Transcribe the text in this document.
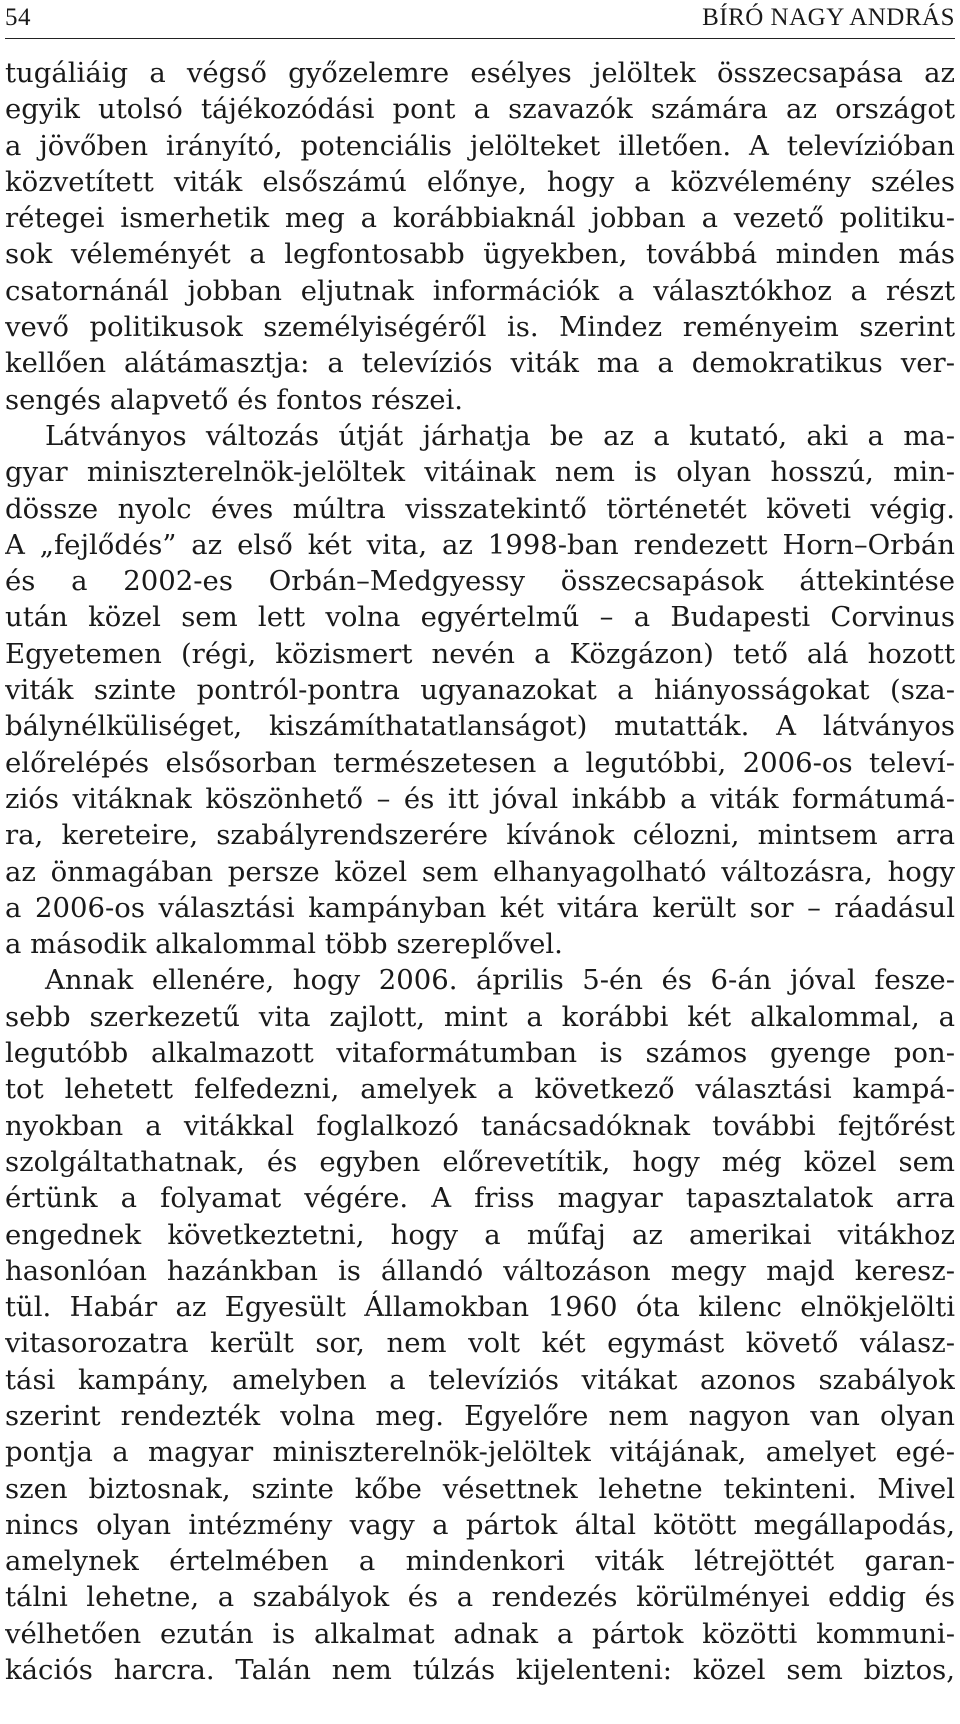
54	BÍRÓ NAGY ANDRÁS
tugáliáig a végső győzelemre esélyes jelöltek összecsapása az
egyik utolsó tájékozódási pont a szavazók számára az országot
a jövőben irányító, potenciális jelölteket illetően. A televízióban
közvetített viták elsőszámú előnye, hogy a közvélemény széles
rétegei ismerhetik meg a korábbiaknál jobban a vezető politiku-
sok véleményét a legfontosabb ügyekben, továbbá minden más
csatornánál jobban eljutnak információk a választókhoz a részt
vevő politikusok személyiségéről is. Mindez reményeim szerint
kellően alátámasztja: a televíziós viták ma a demokratikus ver-
sengés alapvető és fontos részei.
Látványos változás útját járhatja be az a kutató, aki a ma-
gyar miniszterelnök-jelöltek vitáinak nem is olyan hosszú, min-
dössze nyolc éves múltra visszatekintő történetét követi végig.
A „fejlődés” az első két vita, az 1998-ban rendezett Horn–Orbán
és a 2002-es Orbán–Medgyessy összecsapások áttekintése
után közel sem lett volna egyértelmű – a Budapesti Corvinus
Egyetemen (régi, közismert nevén a Közgázon) tető alá hozott
viták szinte pontról-pontra ugyanazokat a hiányosságokat (sza-
bálynélküliséget, kiszámíthatatlanságot) mutatták. A látványos
előrelépés elsősorban természetesen a legutóbbi, 2006-os televí-
ziós vitáknak köszönhető – és itt jóval inkább a viták formátumá-
ra, kereteire, szabályrendszerére kívánok célozni, mintsem arra
az önmagában persze közel sem elhanyagolható változásra, hogy
a 2006-os választási kampányban két vitára került sor – ráadásul
a második alkalommal több szereplővel.
Annak ellenére, hogy 2006. április 5-én és 6-án jóval fesze-
sebb szerkezetű vita zajlott, mint a korábbi két alkalommal, a
legutóbb alkalmazott vitaformátumban is számos gyenge pon-
tot lehetett felfedezni, amelyek a következő választási kampá-
nyokban a vitákkal foglalkozó tanácsadóknak további fejtőrést
szolgáltathatnak, és egyben előrevetítik, hogy még közel sem
értünk a folyamat végére. A friss magyar tapasztalatok arra
engednek következtetni, hogy a műfaj az amerikai vitákhoz
hasonlóan hazánkban is állandó változáson megy majd keresz-
tül. Habár az Egyesült Államokban 1960 óta kilenc elnökjelölti
vitasorozatra került sor, nem volt két egymást követő válasz-
tási kampány, amelyben a televíziós vitákat azonos szabályok
szerint rendezték volna meg. Egyelőre nem nagyon van olyan
pontja a magyar miniszterelnök-jelöltek vitájának, amelyet egé-
szen biztosnak, szinte kőbe vésettnek lehetne tekinteni. Mivel
nincs olyan intézmény vagy a pártok által kötött megállapodás,
amelynek értelmében a mindenkori viták létrejöttét garan-
tálni lehetne, a szabályok és a rendezés körülményei eddig és
vélhetően ezután is alkalmat adnak a pártok közötti kommuni-
kációs harcra. Talán nem túlzás kijelenteni: közel sem biztos,
